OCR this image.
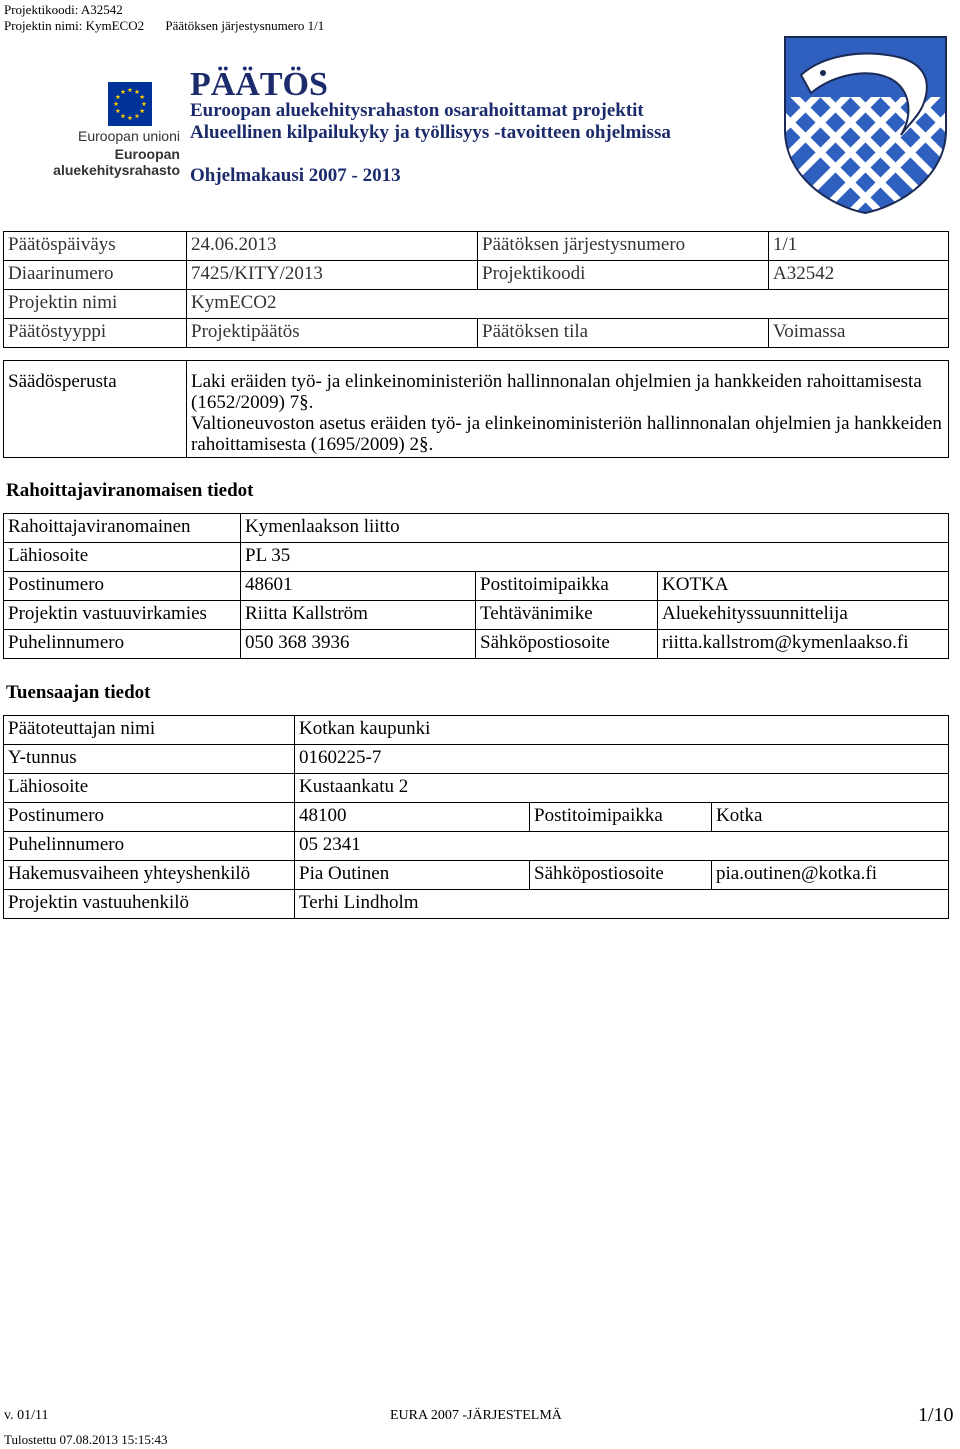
Projektikoodi: A32542
Projektin nimi: KymECO2 Päätöksen järjestysnumero 1/1
Euroopan unioni
Euroopan aluekehitysrahasto
PÄÄTÖS
Euroopan aluekehitysrahaston osarahoittamat projektit
Alueellinen kilpailukyky ja työllisyys -tavoitteen ohjelmissa
Ohjelmakausi 2007 - 2013
Päätöspäiväys	24.06.2013	Päätöksen järjestysnumero	1/1
Diaarinumero	7425/KITY/2013	Projektikoodi	A32542
Projektin nimi	KymECO2		
Päätöstyyppi	Projektipäätös	Päätöksen tila	Voimassa
Säädösperusta	Laki eräiden työ- ja elinkeinoministeriön hallinnonalan ohjelmien ja hankkeiden rahoittamisesta (1652/2009) 7§.
Valtioneuvoston asetus eräiden työ- ja elinkeinoministeriön hallinnonalan ohjelmien ja hankkeiden rahoittamisesta (1695/2009) 2§.
Rahoittajaviranomaisen tiedot
Rahoittajaviranomainen	Kymenlaakson liitto		
Lähiosoite	PL 35		
Postinumero	48601	Postitoimipaikka	KOTKA
Projektin vastuuvirkamies	Riitta Kallström	Tehtävänimike	Aluekehityssuunnittelija
Puhelinnumero	050 368 3936	Sähköpostiosoite	riitta.kallstrom@kymenlaakso.fi
Tuensaajan tiedot
Päätoteuttajan nimi	Kotkan kaupunki		
Y-tunnus	0160225-7		
Lähiosoite	Kustaankatu 2		
Postinumero	48100	Postitoimipaikka	Kotka
Puhelinnumero	05 2341		
Hakemusvaiheen yhteyshenkilö	Pia Outinen	Sähköpostiosoite	pia.outinen@kotka.fi
Projektin vastuuhenkilö	Terhi Lindholm		
v. 01/11	EURA 2007 -JÄRJESTELMÄ	1/10
Tulostettu 07.08.2013 15:15:43
